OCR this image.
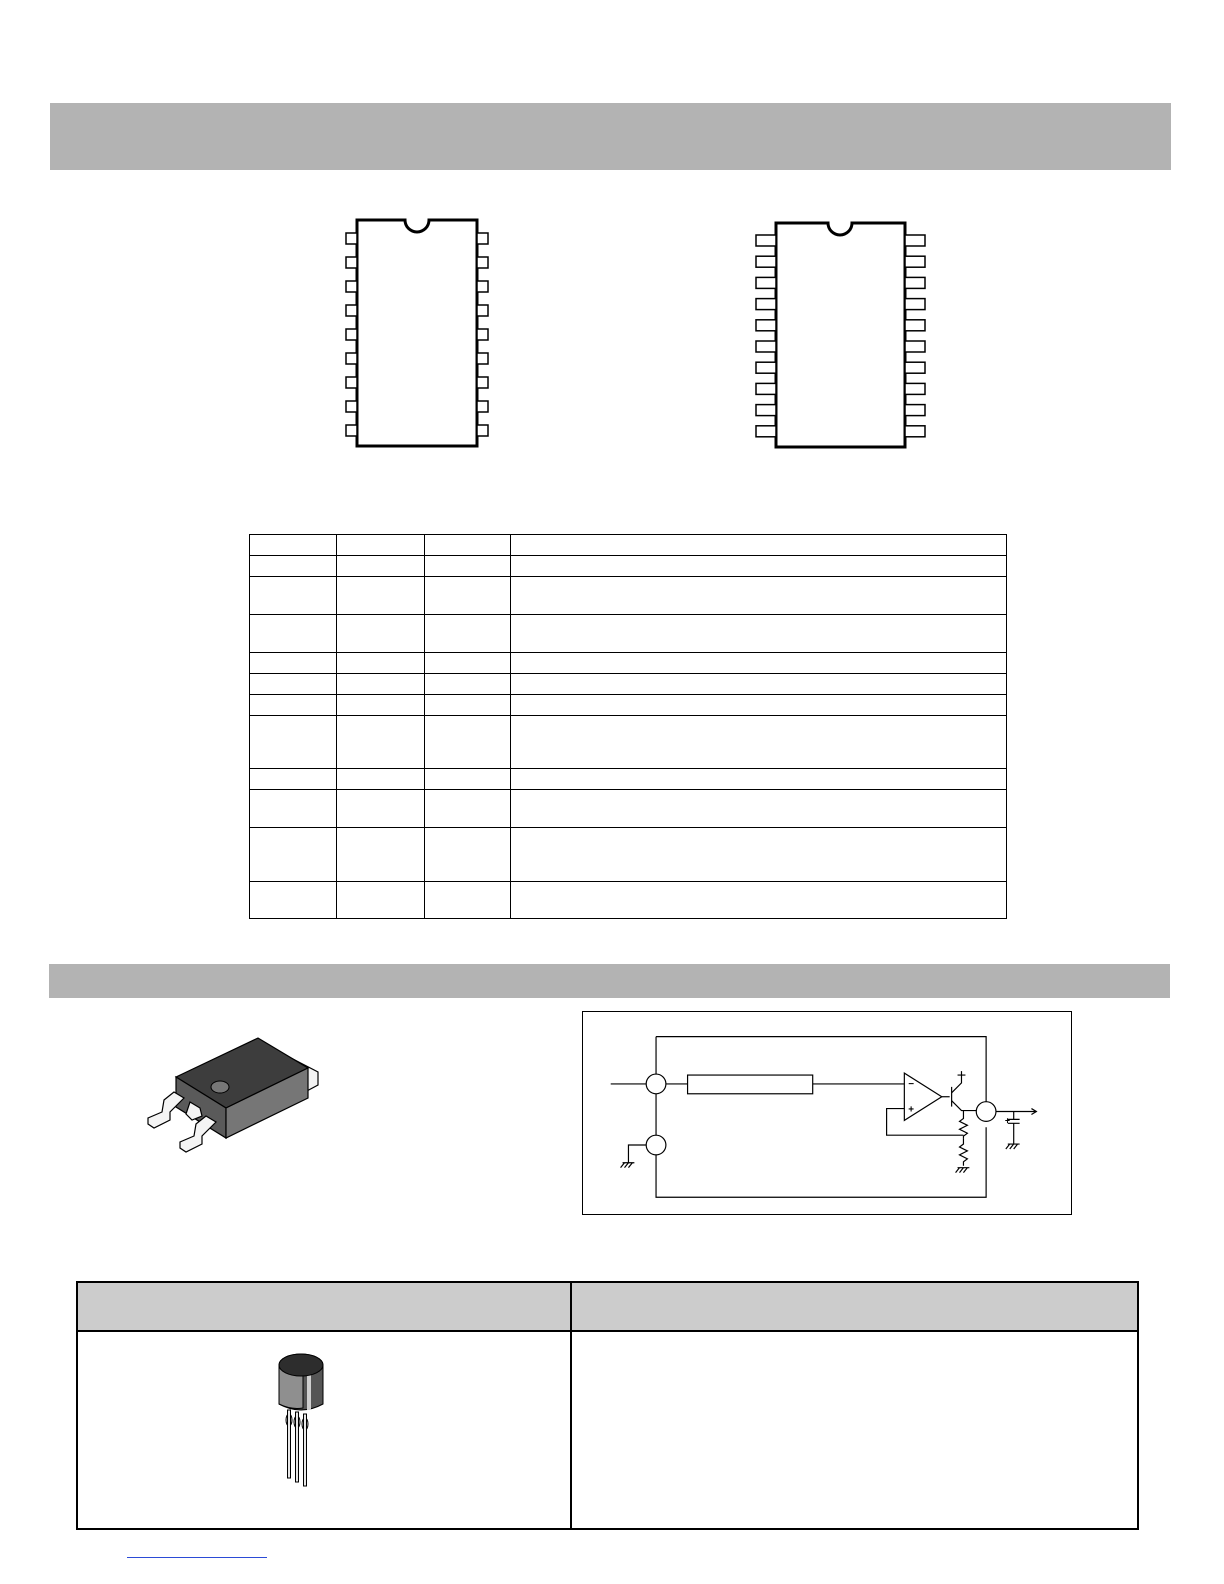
−
+
+
